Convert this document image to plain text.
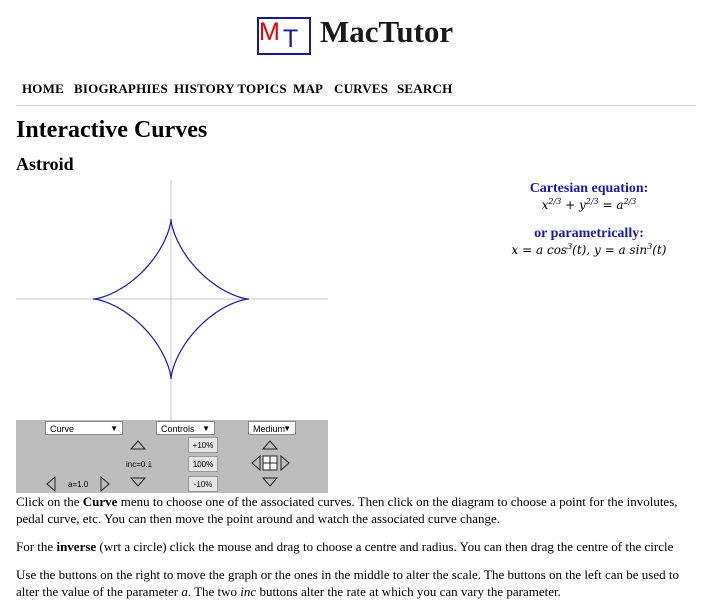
M T MacTutor
HOME BIOGRAPHIES HISTORY TOPICS MAP CURVES SEARCH
Interactive Curves
Astroid
Cartesian equation:
$x^{2/3} + y^{2/3} = a^{2/3}$
or parametrically:
x = a $\cos^3(t)$, y = a $\sin^3(t)$
Curve	▼	Controls ▼	Medium
▼
+10%
100%
-10%
inc=0.1
a=1.0
Click on the Curve menu to choose one of the associated curves. Then click on the diagram to choose a point for the involutes, pedal curve, etc. You can then move the point around and watch the associated curve change.
For the inverse (wrt a circle) click the mouse and drag to choose a centre and radius. You can then drag the centre of the circle
Use the buttons on the right to move the graph or the ones in the middle to alter the scale. The buttons on the left can be used to alter the value of the parameter a. The two inc buttons alter the rate at which you can vary the parameter.
